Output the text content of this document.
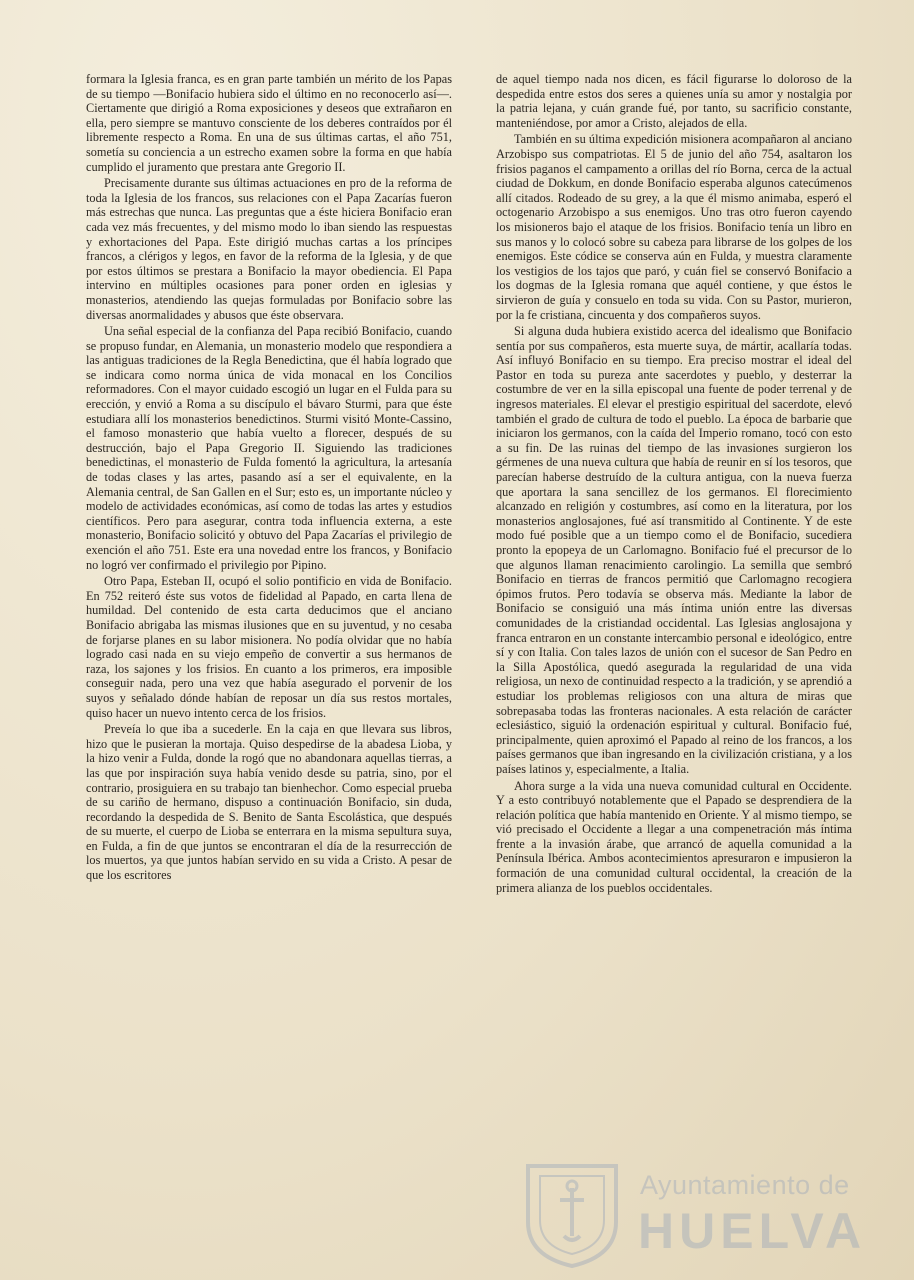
formara la Iglesia franca, es en gran parte también un mérito de los Papas de su tiempo —Bonifacio hubiera sido el último en no reconocerlo así—. Ciertamente que dirigió a Roma exposiciones y deseos que extrañaron en ella, pero siempre se mantuvo consciente de los deberes contraídos por él libremente respecto a Roma. En una de sus últimas cartas, el año 751, sometía su conciencia a un estrecho examen sobre la forma en que había cumplido el juramento que prestara ante Gregorio II.

Precisamente durante sus últimas actuaciones en pro de la reforma de toda la Iglesia de los francos, sus relaciones con el Papa Zacarías fueron más estrechas que nunca. Las preguntas que a éste hiciera Bonifacio eran cada vez más frecuentes, y del mismo modo lo iban siendo las respuestas y exhortaciones del Papa. Este dirigió muchas cartas a los príncipes francos, a clérigos y legos, en favor de la reforma de la Iglesia, y de que por estos últimos se prestara a Bonifacio la mayor obediencia. El Papa intervino en múltiples ocasiones para poner orden en iglesias y monasterios, atendiendo las quejas formuladas por Bonifacio sobre las diversas anormalidades y abusos que éste observara.

Una señal especial de la confianza del Papa recibió Bonifacio, cuando se propuso fundar, en Alemania, un monasterio modelo que respondiera a las antiguas tradiciones de la Regla Benedictina, que él había logrado que se indicara como norma única de vida monacal en los Concilios reformadores. Con el mayor cuidado escogió un lugar en el Fulda para su erección, y envió a Roma a su discípulo el bávaro Sturmi, para que éste estudiara allí los monasterios benedictinos. Sturmi visitó Monte-Cassino, el famoso monasterio que había vuelto a florecer, después de su destrucción, bajo el Papa Gregorio II. Siguiendo las tradiciones benedictinas, el monasterio de Fulda fomentó la agricultura, la artesanía de todas clases y las artes, pasando así a ser el equivalente, en la Alemania central, de San Gallen en el Sur; esto es, un importante núcleo y modelo de actividades económicas, así como de todas las artes y estudios científicos. Pero para asegurar, contra toda influencia externa, a este monasterio, Bonifacio solicitó y obtuvo del Papa Zacarías el privilegio de exención el año 751. Este era una novedad entre los francos, y Bonifacio no logró ver confirmado el privilegio por Pipino.

Otro Papa, Esteban II, ocupó el solio pontificio en vida de Bonifacio. En 752 reiteró éste sus votos de fidelidad al Papado, en carta llena de humildad. Del contenido de esta carta deducimos que el anciano Bonifacio abrigaba las mismas ilusiones que en su juventud, y no cesaba de forjarse planes en su labor misionera. No podía olvidar que no había logrado casi nada en su viejo empeño de convertir a sus hermanos de raza, los sajones y los frisios. En cuanto a los primeros, era imposible conseguir nada, pero una vez que había asegurado el porvenir de los suyos y señalado dónde habían de reposar un día sus restos mortales, quiso hacer un nuevo intento cerca de los frisios.

Preveía lo que iba a sucederle. En la caja en que llevara sus libros, hizo que le pusieran la mortaja. Quiso despedirse de la abadesa Lioba, y la hizo venir a Fulda, donde la rogó que no abandonara aquellas tierras, a las que por inspiración suya había venido desde su patria, sino, por el contrario, prosiguiera en su trabajo tan bienhechor. Como especial prueba de su cariño de hermano, dispuso a continuación Bonifacio, sin duda, recordando la despedida de S. Benito de Santa Escolástica, que después de su muerte, el cuerpo de Lioba se enterrara en la misma sepultura suya, en Fulda, a fin de que juntos se encontraran el día de la resurrección de los muertos, ya que juntos habían servido en su vida a Cristo. A pesar de que los escritores

de aquel tiempo nada nos dicen, es fácil figurarse lo doloroso de la despedida entre estos dos seres a quienes unía su amor y nostalgia por la patria lejana, y cuán grande fué, por tanto, su sacrificio constante, manteniéndose, por amor a Cristo, alejados de ella.

También en su última expedición misionera acompañaron al anciano Arzobispo sus compatriotas. El 5 de junio del año 754, asaltaron los frisios paganos el campamento a orillas del río Borna, cerca de la actual ciudad de Dokkum, en donde Bonifacio esperaba algunos catecúmenos allí citados. Rodeado de su grey, a la que él mismo animaba, esperó el octogenario Arzobispo a sus enemigos. Uno tras otro fueron cayendo los misioneros bajo el ataque de los frisios. Bonifacio tenía un libro en sus manos y lo colocó sobre su cabeza para librarse de los golpes de los enemigos. Este códice se conserva aún en Fulda, y muestra claramente los vestigios de los tajos que paró, y cuán fiel se conservó Bonifacio a los dogmas de la Iglesia romana que aquél contiene, y que éstos le sirvieron de guía y consuelo en toda su vida. Con su Pastor, murieron, por la fe cristiana, cincuenta y dos compañeros suyos.

Si alguna duda hubiera existido acerca del idealismo que Bonifacio sentía por sus compañeros, esta muerte suya, de mártir, acallaría todas. Así influyó Bonifacio en su tiempo. Era preciso mostrar el ideal del Pastor en toda su pureza ante sacerdotes y pueblo, y desterrar la costumbre de ver en la silla episcopal una fuente de poder terrenal y de ingresos materiales. El elevar el prestigio espiritual del sacerdote, elevó también el grado de cultura de todo el pueblo. La época de barbarie que iniciaron los germanos, con la caída del Imperio romano, tocó con esto a su fin. De las ruinas del tiempo de las invasiones surgieron los gérmenes de una nueva cultura que había de reunir en sí los tesoros, que parecían haberse destruído de la cultura antigua, con la nueva fuerza que aportara la sana sencillez de los germanos. El florecimiento alcanzado en religión y costumbres, así como en la literatura, por los monasterios anglosajones, fué así transmitido al Continente. Y de este modo fué posible que a un tiempo como el de Bonifacio, sucediera pronto la epopeya de un Carlomagno. Bonifacio fué el precursor de lo que algunos llaman renacimiento carolingio. La semilla que sembró Bonifacio en tierras de francos permitió que Carlomagno recogiera ópimos frutos. Pero todavía se observa más. Mediante la labor de Bonifacio se consiguió una más íntima unión entre las diversas comunidades de la cristiandad occidental. Las Iglesias anglosajona y franca entraron en un constante intercambio personal e ideológico, entre sí y con Italia. Con tales lazos de unión con el sucesor de San Pedro en la Silla Apostólica, quedó asegurada la regularidad de una vida religiosa, un nexo de continuidad respecto a la tradición, y se aprendió a estudiar los problemas religiosos con una altura de miras que sobrepasaba todas las fronteras nacionales. A esta relación de carácter eclesiástico, siguió la ordenación espiritual y cultural. Bonifacio fué, principalmente, quien aproximó el Papado al reino de los francos, a los países germanos que iban ingresando en la civilización cristiana, y a los países latinos y, especialmente, a Italia.

Ahora surge a la vida una nueva comunidad cultural en Occidente. Y a esto contribuyó notablemente que el Papado se desprendiera de la relación política que había mantenido en Oriente. Y al mismo tiempo, se vió precisado el Occidente a llegar a una compenetración más íntima frente a la invasión árabe, que arrancó de aquella comunidad a la Península Ibérica. Ambos acontecimientos apresuraron e impusieron la formación de una comunidad cultural occidental, la creación de la primera alianza de los pueblos occidentales.

Ayuntamiento de
HUELVA
